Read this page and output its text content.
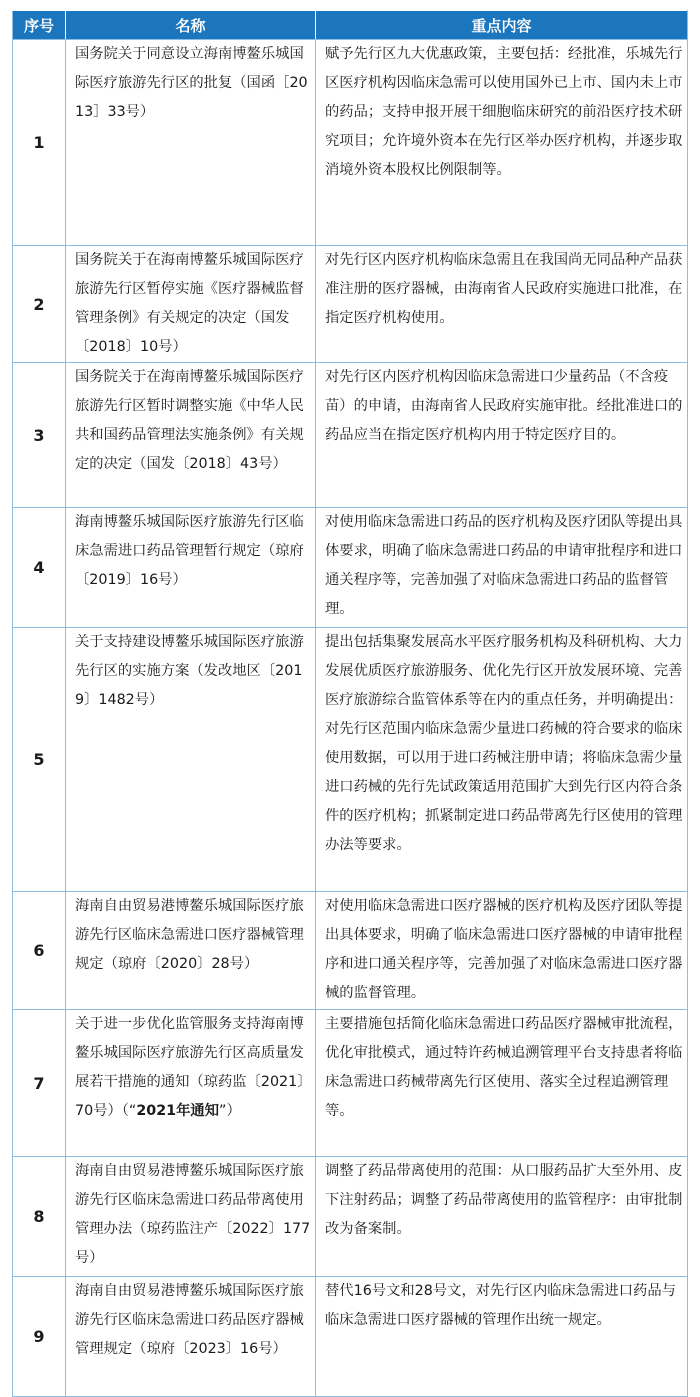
序号	名称	重点内容
1	国务院关于同意设立海南博鳌乐城国际医疗旅游先行区的批复（国函［2013］33号）	赋予先行区九大优惠政策，主要包括：经批准，乐城先行区医疗机构因临床急需可以使用国外已上市、国内未上市的药品；支持申报开展干细胞临床研究的前沿医疗技术研究项目；允许境外资本在先行区举办医疗机构，并逐步取消境外资本股权比例限制等。

2	国务院关于在海南博鳌乐城国际医疗旅游先行区暂停实施《医疗器械监督管理条例》有关规定的决定（国发〔2018〕10号）	对先行区内医疗机构临床急需且在我国尚无同品种产品获准注册的医疗器械，由海南省人民政府实施进口批准，在指定医疗机构使用。

3	国务院关于在海南博鳌乐城国际医疗旅游先行区暂时调整实施《中华人民共和国药品管理法实施条例》有关规定的决定（国发〔2018〕43号）	对先行区内医疗机构因临床急需进口少量药品（不含疫苗）的申请，由海南省人民政府实施审批。经批准进口的药品应当在指定医疗机构内用于特定医疗目的。

4	海南博鳌乐城国际医疗旅游先行区临床急需进口药品管理暂行规定（琼府〔2019〕16号）	对使用临床急需进口药品的医疗机构及医疗团队等提出具体要求，明确了临床急需进口药品的申请审批程序和进口通关程序等，完善加强了对临床急需进口药品的监督管理。

5	关于支持建设博鳌乐城国际医疗旅游先行区的实施方案（发改地区〔2019〕1482号）	提出包括集聚发展高水平医疗服务机构及科研机构、大力发展优质医疗旅游服务、优化先行区开放发展环境、完善医疗旅游综合监管体系等在内的重点任务，并明确提出：对先行区范围内临床急需少量进口药械的符合要求的临床使用数据，可以用于进口药械注册申请；将临床急需少量进口药械的先行先试政策适用范围扩大到先行区内符合条件的医疗机构；抓紧制定进口药品带离先行区使用的管理办法等要求。

6	海南自由贸易港博鳌乐城国际医疗旅游先行区临床急需进口医疗器械管理规定（琼府〔2020〕28号）	对使用临床急需进口医疗器械的医疗机构及医疗团队等提出具体要求，明确了临床急需进口医疗器械的申请审批程序和进口通关程序等，完善加强了对临床急需进口医疗器械的监督管理。

7	关于进一步优化监管服务支持海南博鳌乐城国际医疗旅游先行区高质量发展若干措施的通知（琼药监〔2021〕70号）（“2021年通知”）	主要措施包括简化临床急需进口药品医疗器械审批流程，优化审批模式，通过特许药械追溯管理平台支持患者将临床急需进口药械带离先行区使用、落实全过程追溯管理等。

8	海南自由贸易港博鳌乐城国际医疗旅游先行区临床急需进口药品带离使用管理办法（琼药监注产〔2022〕177号）	调整了药品带离使用的范围：从口服药品扩大至外用、皮下注射药品；调整了药品带离使用的监管程序：由审批制改为备案制。

9	海南自由贸易港博鳌乐城国际医疗旅游先行区临床急需进口药品医疗器械管理规定（琼府〔2023〕16号）	替代16号文和28号文，对先行区内临床急需进口药品与临床急需进口医疗器械的管理作出统一规定。
